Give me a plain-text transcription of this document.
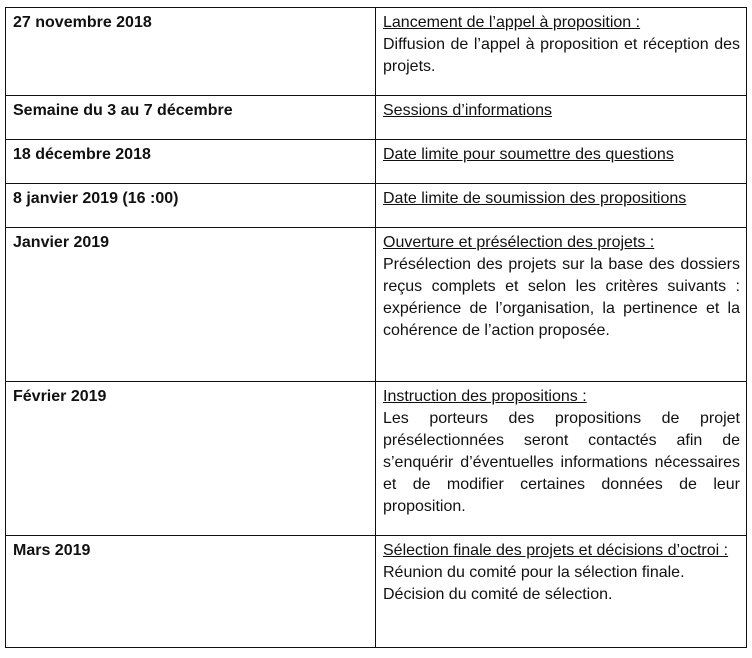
27 novembre 2018	Lancement de l’appel à proposition :
Diffusion de l’appel à proposition et réception des projets.

Semaine du 3 au 7 décembre	Sessions d’informations

18 décembre 2018	Date limite pour soumettre des questions

8 janvier 2019 (16 :00)	Date limite de soumission des propositions

Janvier 2019	Ouverture et présélection des projets :
Présélection des projets sur la base des dossiers reçus complets et selon les critères suivants : expérience de l’organisation, la pertinence et la cohérence de l’action proposée.

Février 2019	Instruction des propositions :
Les porteurs des propositions de projet présélectionnées seront contactés afin de s’enquérir d’éventuelles informations nécessaires et de modifier certaines données de leur proposition.

Mars 2019	Sélection finale des projets et décisions d’octroi :
Réunion du comité pour la sélection finale.
Décision du comité de sélection.
